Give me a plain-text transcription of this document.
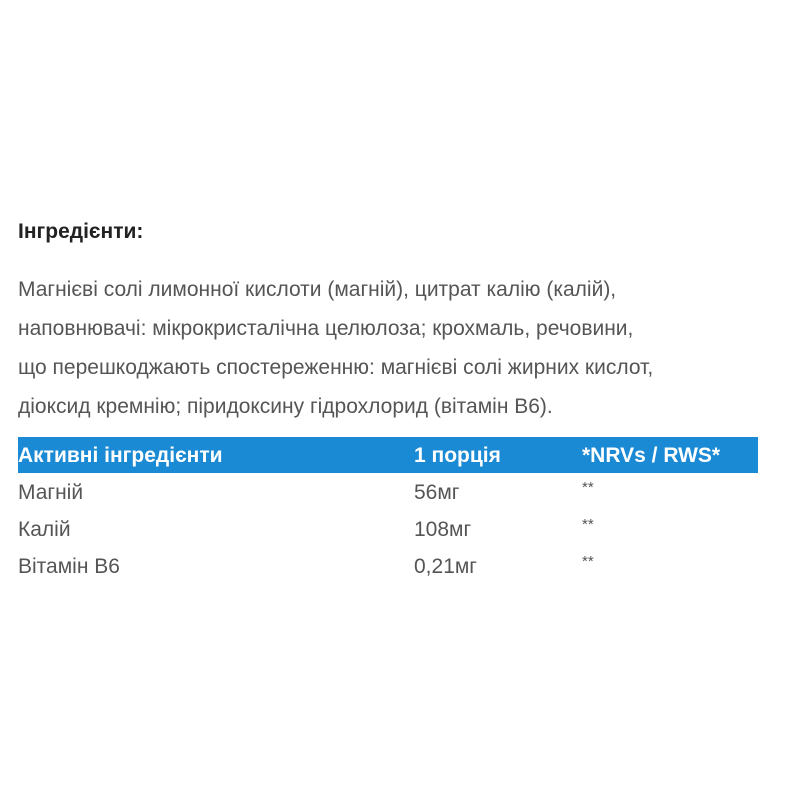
Інгредієнти:
Магнієві солі лимонної кислоти (магній), цитрат калію (калій),
наповнювачі: мікрокристалічна целюлоза; крохмаль, речовини,
що перешкоджають спостереженню: магнієві солі жирних кислот,
діоксид кремнію; піридоксину гідрохлорид (вітамін В6).
Активні інгредієнти	1 порція	*NRVs / RWS*
Магній	56мг	**
Калій	108мг	**
Вітамін В6	0,21мг	**
